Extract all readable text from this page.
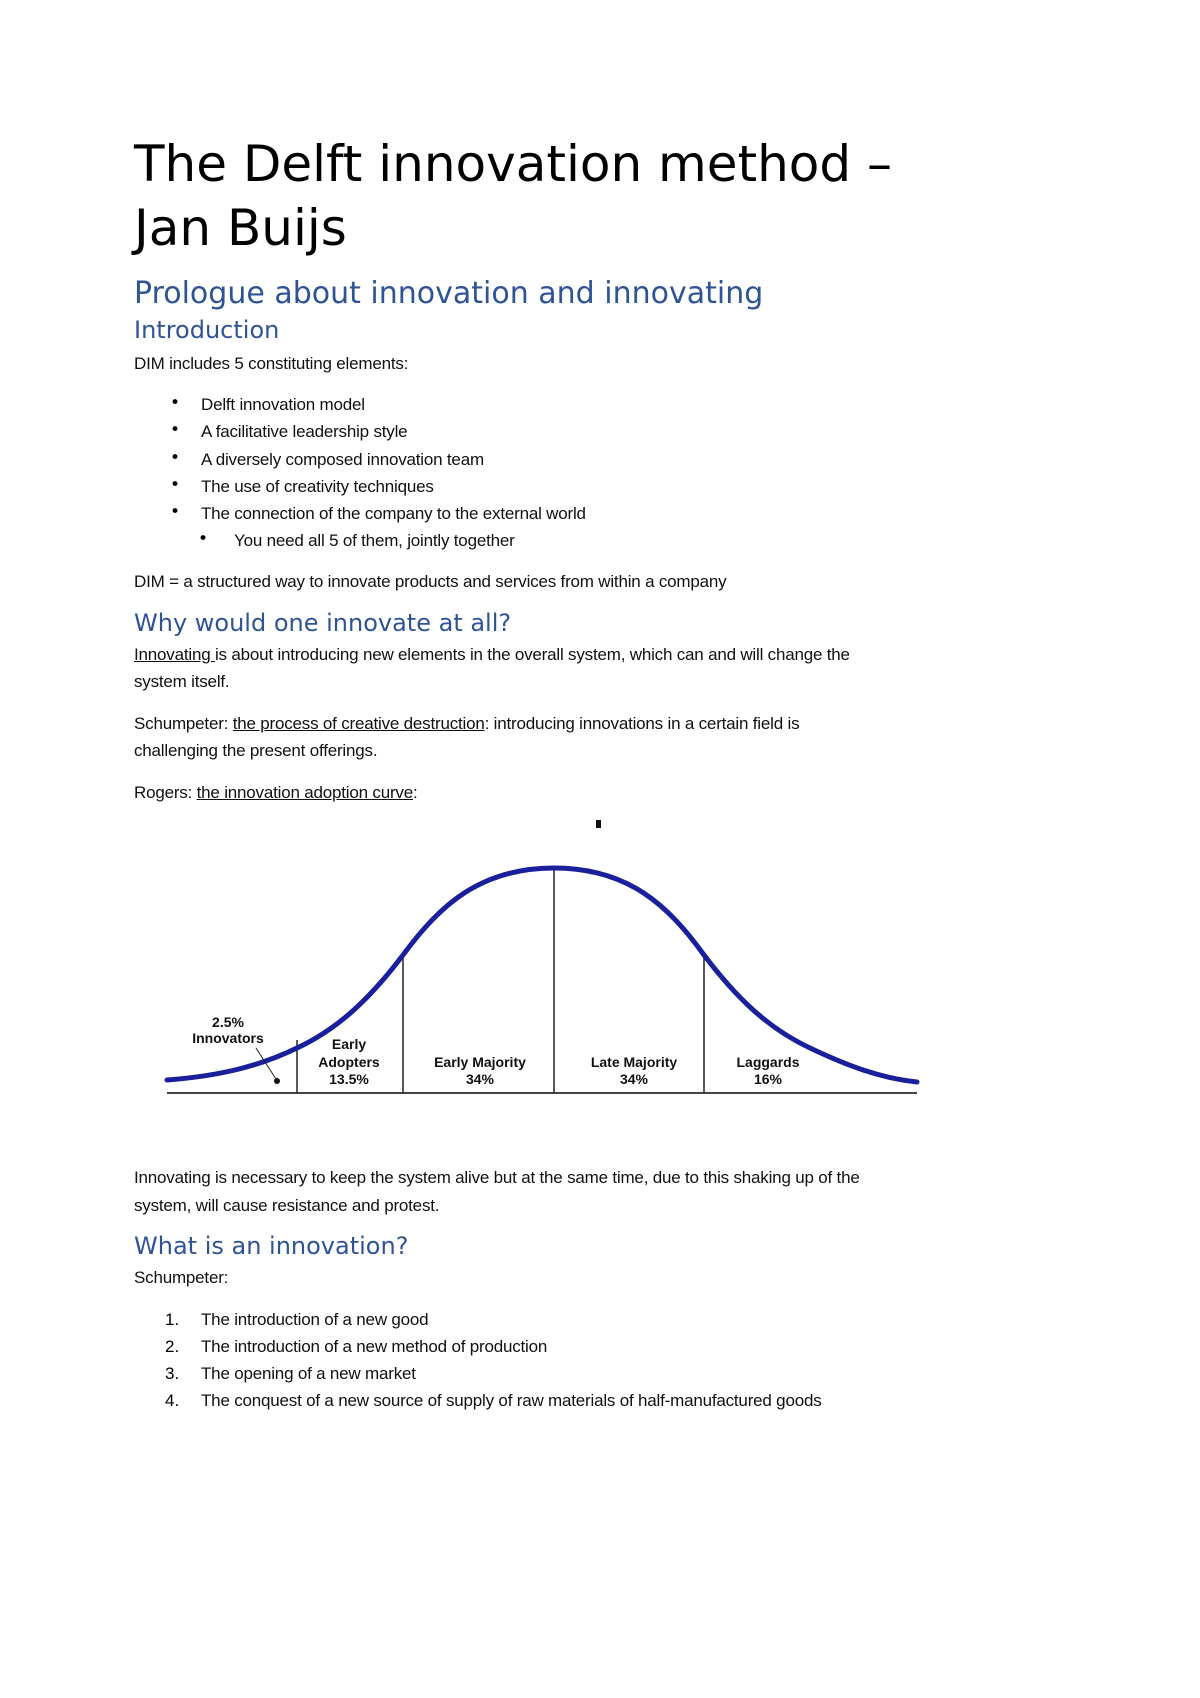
The Delft innovation method –
Jan Buijs
Prologue about innovation and innovating
Introduction
DIM includes 5 constituting elements:
• Delft innovation model
• A facilitative leadership style
• A diversely composed innovation team
• The use of creativity techniques
• The connection of the company to the external world
• You need all 5 of them, jointly together
DIM = a structured way to innovate products and services from within a company
Why would one innovate at all?
Innovating is about introducing new elements in the overall system, which can and will change the
system itself.
Schumpeter: the process of creative destruction: introducing innovations in a certain field is
challenging the present offerings.
Rogers: the innovation adoption curve:
2.5%
Innovators	Early
Adopters
13.5%
Early Majority
34%
Late Majority
34%
Laggards
16%
Innovating is necessary to keep the system alive but at the same time, due to this shaking up of the
system, will cause resistance and protest.
What is an innovation?
Schumpeter:
1. The introduction of a new good
2. The introduction of a new method of production
3. The opening of a new market
4. The conquest of a new source of supply of raw materials of half-manufactured goods
